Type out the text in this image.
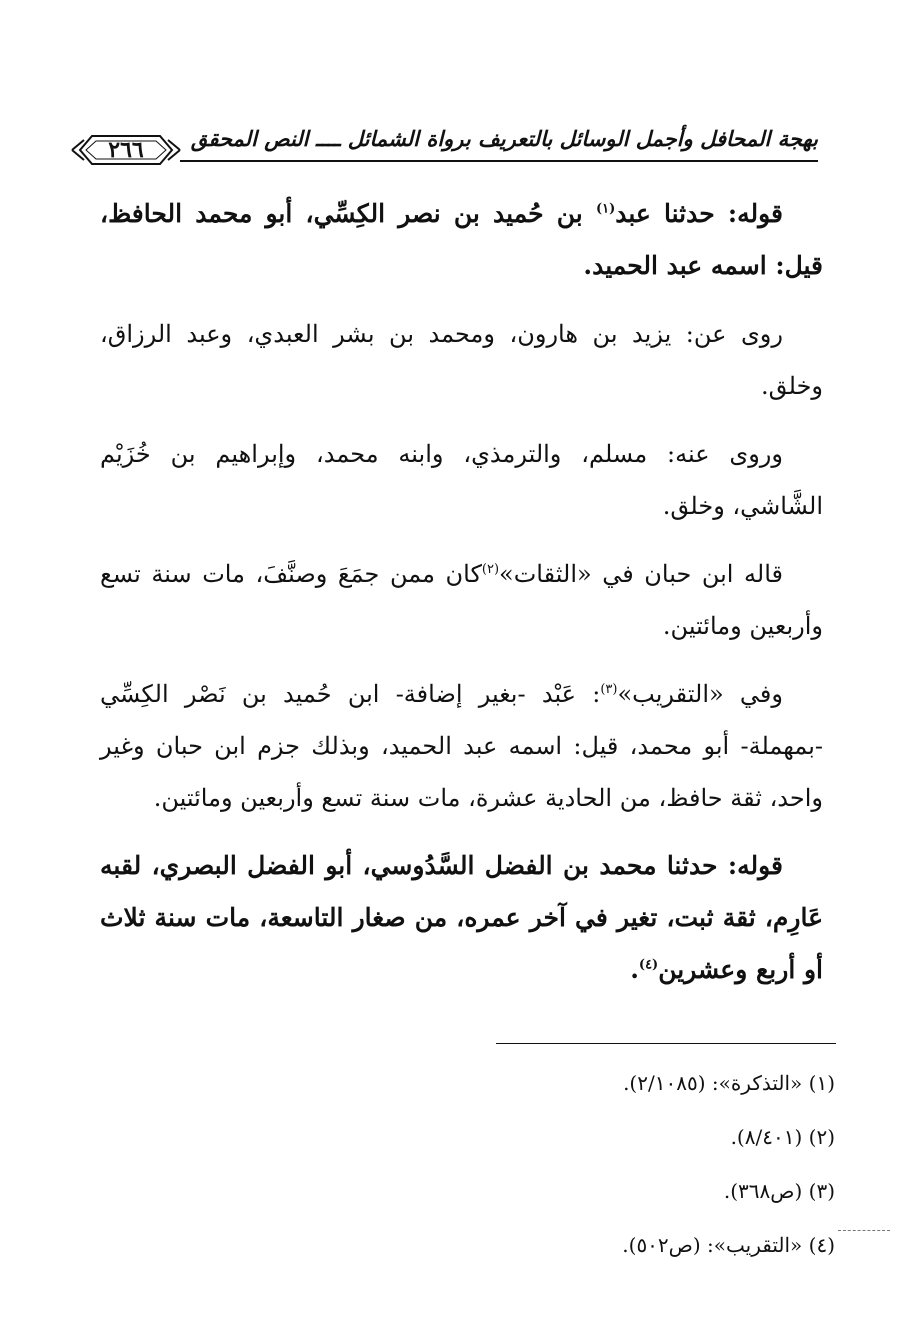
بهجة المحافل وأجمل الوسائل بالتعريف برواة الشمائل ــــ النص المحقق
٢٦٦

قوله: حدثنا عبد$^{(١)}$ بن حُميد بن نصر الكِسِّي، أبو محمد الحافظ، قيل: اسمه عبد الحميد.

روى عن: يزيد بن هارون، ومحمد بن بشر العبدي، وعبد الرزاق، وخلق.

وروى عنه: مسلم، والترمذي، وابنه محمد، وإبراهيم بن خُزَيْم الشَّاشي، وخلق.

قاله ابن حبان في «الثقات»$^{(٢)}$كان ممن جمَعَ وصنَّفَ، مات سنة تسع وأربعين ومائتين.

وفي «التقريب»$^{(٣)}$: عَبْد -بغير إضافة- ابن حُميد بن نَصْر الكِسِّي -بمهملة- أبو محمد، قيل: اسمه عبد الحميد، وبذلك جزم ابن حبان وغير واحد، ثقة حافظ، من الحادية عشرة، مات سنة تسع وأربعين ومائتين.

قوله: حدثنا محمد بن الفضل السَّدُوسي، أبو الفضل البصري، لقبه عَارِم، ثقة ثبت، تغير في آخر عمره، من صغار التاسعة، مات سنة ثلاث أو أربع وعشرين$^{(٤)}$.

(١) «التذكرة»: (٢/١٠٨٥).
(٢) (٨/٤٠١).
(٣) (ص٣٦٨).
(٤) «التقريب»: (ص٥٠٢).
